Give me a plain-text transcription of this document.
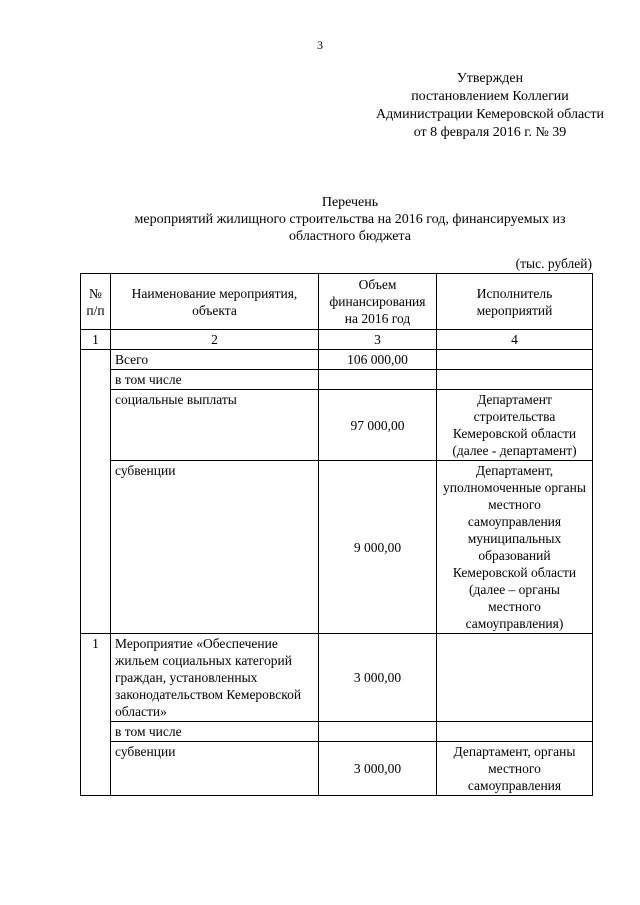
3
Утвержден
постановлением Коллегии
Администрации Кемеровской области
от 8 февраля 2016 г. № 39
Перечень
мероприятий жилищного строительства на 2016 год, финансируемых из
областного бюджета
(тыс. рублей)
№ п/п	Наименование мероприятия, объекта	Объем финансирования на 2016 год	Исполнитель мероприятий
1	2	3	4
	Всего	106 000,00	
	в том числе		
	социальные выплаты	97 000,00	Департамент строительства Кемеровской области (далее - департамент)
	субвенции	9 000,00	Департамент, уполномоченные органы местного самоуправления муниципальных образований Кемеровской области (далее – органы местного самоуправления)
1	Мероприятие «Обеспечение жильем социальных категорий граждан, установленных законодательством Кемеровской области»	3 000,00	
	в том числе		
	субвенции	3 000,00	Департамент, органы местного самоуправления
